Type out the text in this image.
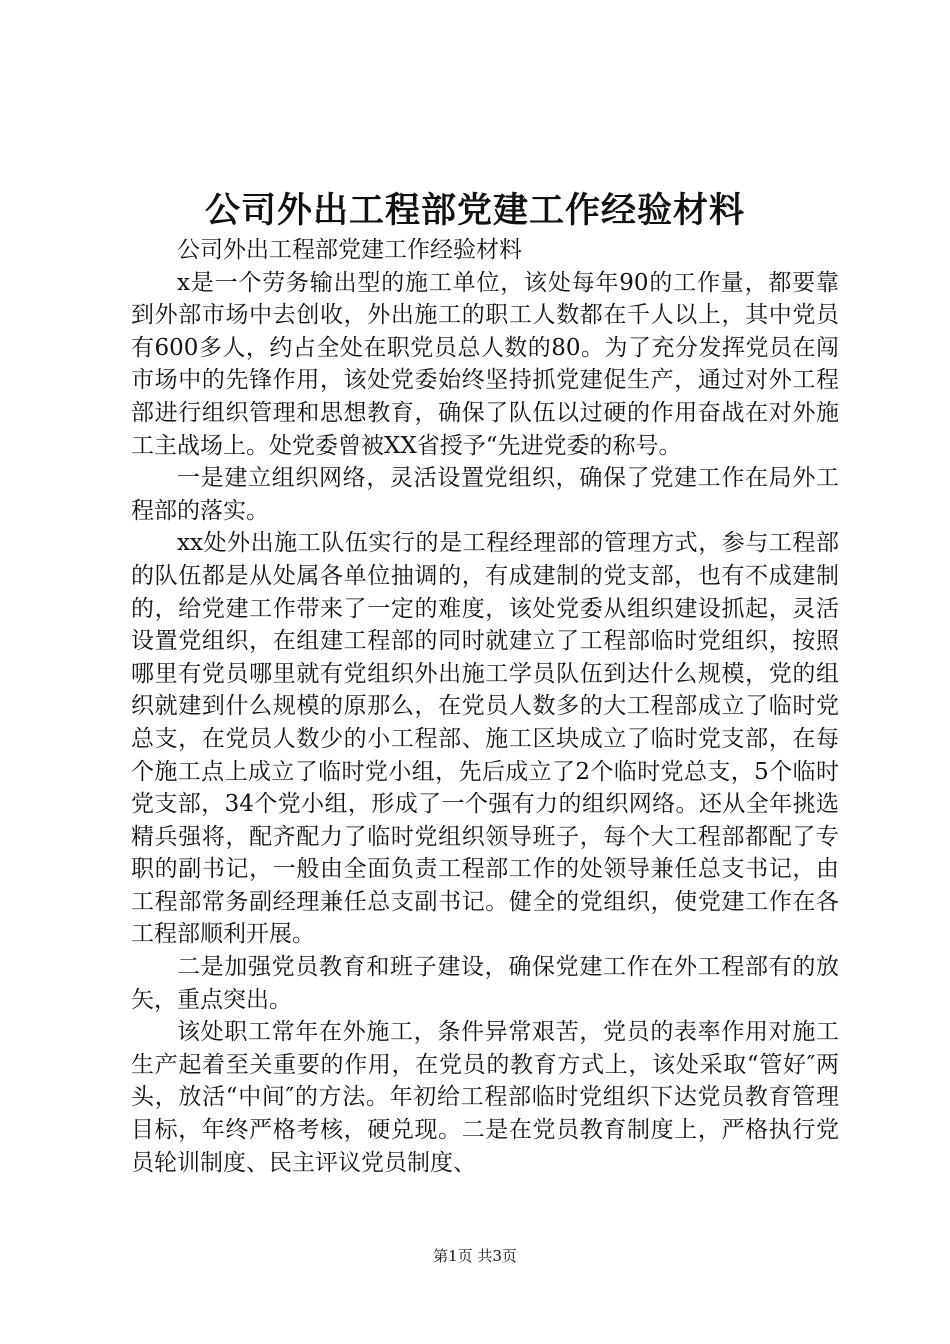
公司外出工程部党建工作经验材料

公司外出工程部党建工作经验材料

x是一个劳务输出型的施工单位，该处每年90的工作量，都要靠到外部市场中去创收，外出施工的职工人数都在千人以上，其中党员有600多人，约占全处在职党员总人数的80。为了充分发挥党员在闯市场中的先锋作用，该处党委始终坚持抓党建促生产，通过对外工程部进行组织管理和思想教育，确保了队伍以过硬的作用奋战在对外施工主战场上。处党委曾被XX省授予“先进党委的称号。

一是建立组织网络，灵活设置党组织，确保了党建工作在局外工程部的落实。

xx处外出施工队伍实行的是工程经理部的管理方式，参与工程部的队伍都是从处属各单位抽调的，有成建制的党支部，也有不成建制的，给党建工作带来了一定的难度，该处党委从组织建设抓起，灵活设置党组织，在组建工程部的同时就建立了工程部临时党组织，按照哪里有党员哪里就有党组织外出施工学员队伍到达什么规模，党的组织就建到什么规模的原那么，在党员人数多的大工程部成立了临时党总支，在党员人数少的小工程部、施工区块成立了临时党支部，在每个施工点上成立了临时党小组，先后成立了2个临时党总支，5个临时党支部，34个党小组，形成了一个强有力的组织网络。还从全年挑选精兵强将，配齐配力了临时党组织领导班子，每个大工程部都配了专职的副书记，一般由全面负责工程部工作的处领导兼任总支书记，由工程部常务副经理兼任总支副书记。健全的党组织，使党建工作在各工程部顺利开展。

二是加强党员教育和班子建设，确保党建工作在外工程部有的放矢，重点突出。

该处职工常年在外施工，条件异常艰苦，党员的表率作用对施工生产起着至关重要的作用，在党员的教育方式上，该处采取“管好″两头，放活“中间″的方法。年初给工程部临时党组织下达党员教育管理目标，年终严格考核，硬兑现。二是在党员教育制度上，严格执行党员轮训制度、民主评议党员制度、

第1页 共3页
